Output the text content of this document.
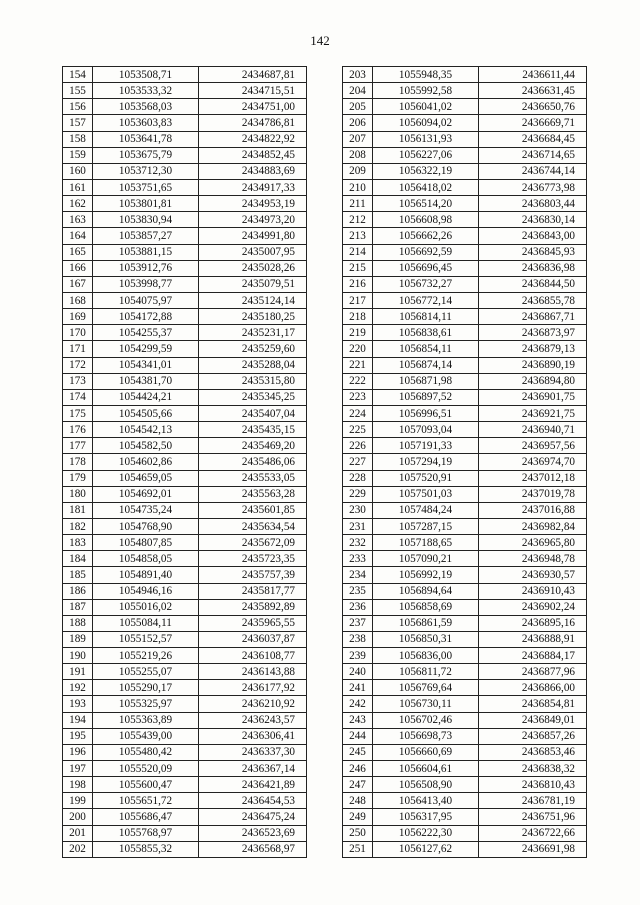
142
154	1053508,71	2434687,81
155	1053533,32	2434715,51
156	1053568,03	2434751,00
157	1053603,83	2434786,81
158	1053641,78	2434822,92
159	1053675,79	2434852,45
160	1053712,30	2434883,69
161	1053751,65	2434917,33
162	1053801,81	2434953,19
163	1053830,94	2434973,20
164	1053857,27	2434991,80
165	1053881,15	2435007,95
166	1053912,76	2435028,26
167	1053998,77	2435079,51
168	1054075,97	2435124,14
169	1054172,88	2435180,25
170	1054255,37	2435231,17
171	1054299,59	2435259,60
172	1054341,01	2435288,04
173	1054381,70	2435315,80
174	1054424,21	2435345,25
175	1054505,66	2435407,04
176	1054542,13	2435435,15
177	1054582,50	2435469,20
178	1054602,86	2435486,06
179	1054659,05	2435533,05
180	1054692,01	2435563,28
181	1054735,24	2435601,85
182	1054768,90	2435634,54
183	1054807,85	2435672,09
184	1054858,05	2435723,35
185	1054891,40	2435757,39
186	1054946,16	2435817,77
187	1055016,02	2435892,89
188	1055084,11	2435965,55
189	1055152,57	2436037,87
190	1055219,26	2436108,77
191	1055255,07	2436143,88
192	1055290,17	2436177,92
193	1055325,97	2436210,92
194	1055363,89	2436243,57
195	1055439,00	2436306,41
196	1055480,42	2436337,30
197	1055520,09	2436367,14
198	1055600,47	2436421,89
199	1055651,72	2436454,53
200	1055686,47	2436475,24
201	1055768,97	2436523,69
202	1055855,32	2436568,97
203	1055948,35	2436611,44
204	1055992,58	2436631,45
205	1056041,02	2436650,76
206	1056094,02	2436669,71
207	1056131,93	2436684,45
208	1056227,06	2436714,65
209	1056322,19	2436744,14
210	1056418,02	2436773,98
211	1056514,20	2436803,44
212	1056608,98	2436830,14
213	1056662,26	2436843,00
214	1056692,59	2436845,93
215	1056696,45	2436836,98
216	1056732,27	2436844,50
217	1056772,14	2436855,78
218	1056814,11	2436867,71
219	1056838,61	2436873,97
220	1056854,11	2436879,13
221	1056874,14	2436890,19
222	1056871,98	2436894,80
223	1056897,52	2436901,75
224	1056996,51	2436921,75
225	1057093,04	2436940,71
226	1057191,33	2436957,56
227	1057294,19	2436974,70
228	1057520,91	2437012,18
229	1057501,03	2437019,78
230	1057484,24	2437016,88
231	1057287,15	2436982,84
232	1057188,65	2436965,80
233	1057090,21	2436948,78
234	1056992,19	2436930,57
235	1056894,64	2436910,43
236	1056858,69	2436902,24
237	1056861,59	2436895,16
238	1056850,31	2436888,91
239	1056836,00	2436884,17
240	1056811,72	2436877,96
241	1056769,64	2436866,00
242	1056730,11	2436854,81
243	1056702,46	2436849,01
244	1056698,73	2436857,26
245	1056660,69	2436853,46
246	1056604,61	2436838,32
247	1056508,90	2436810,43
248	1056413,40	2436781,19
249	1056317,95	2436751,96
250	1056222,30	2436722,66
251	1056127,62	2436691,98
